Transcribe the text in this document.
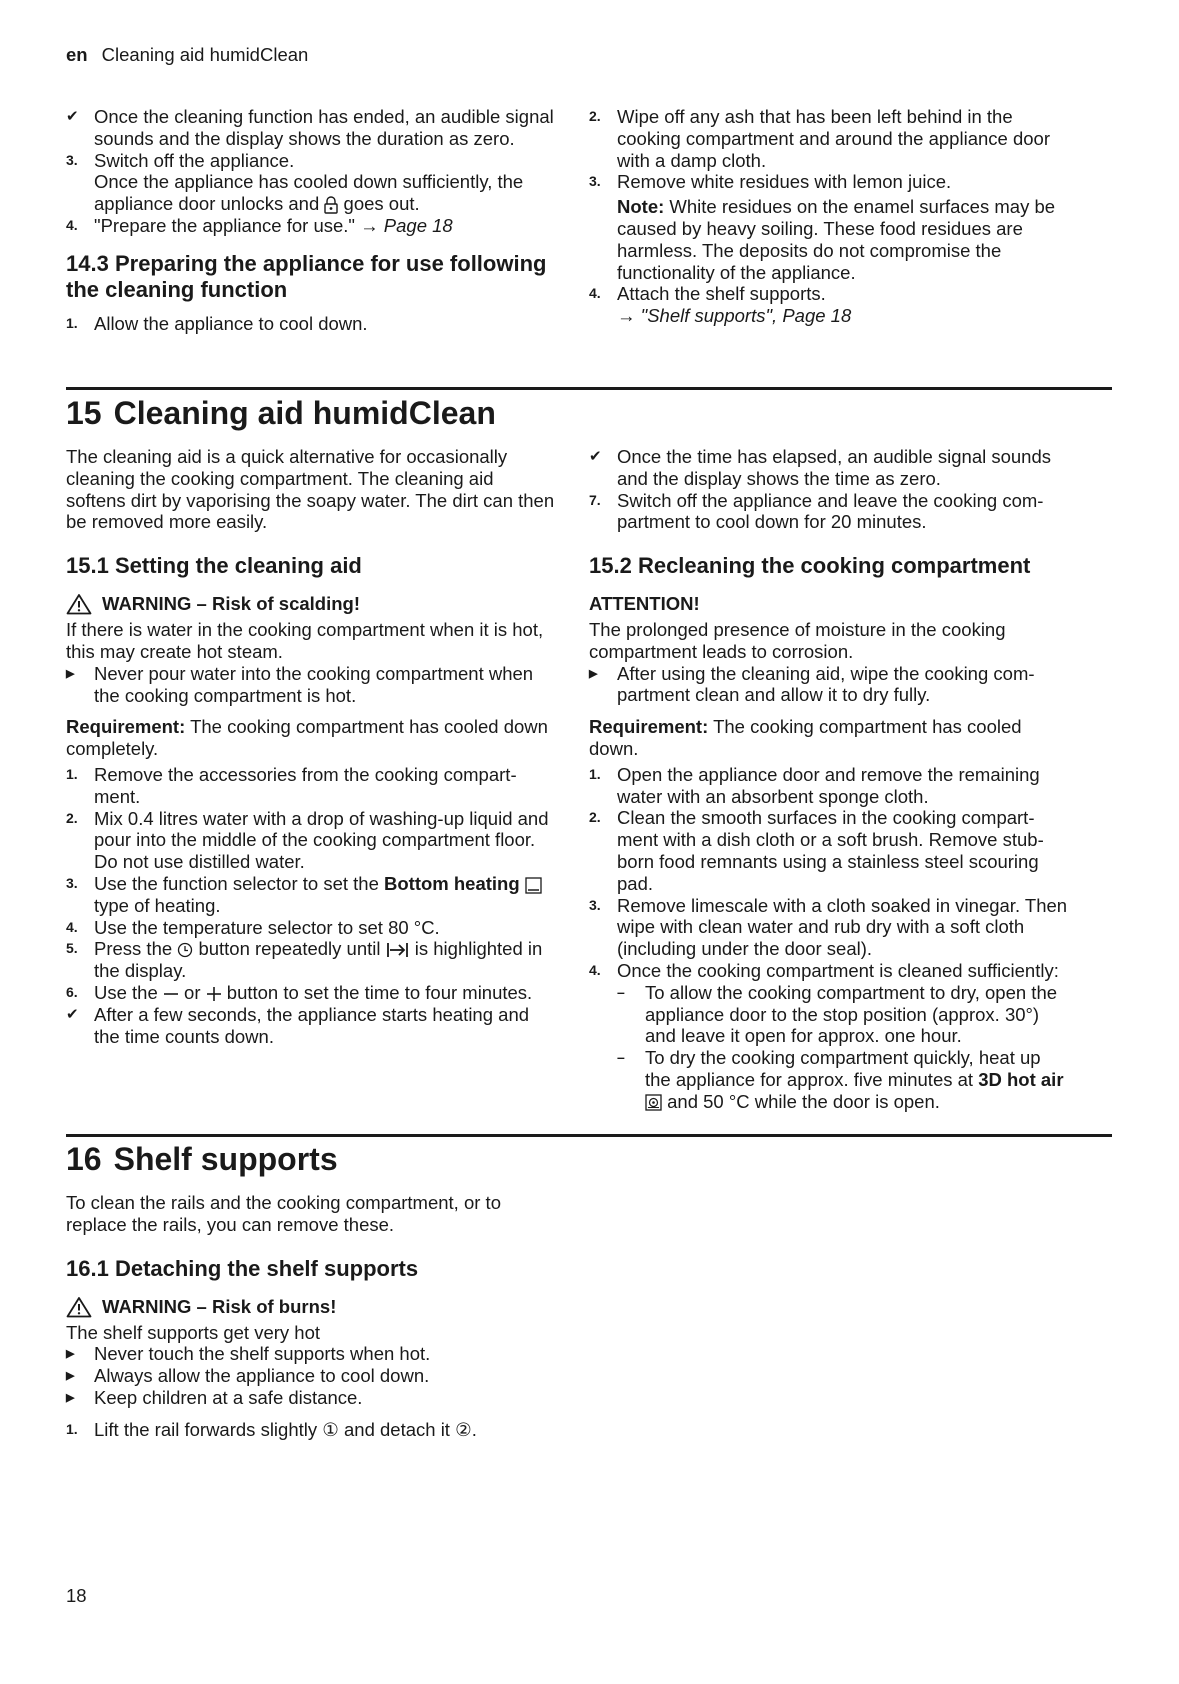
en Cleaning aid humidClean
✔ Once the cleaning function has ended, an audible signal sounds and the display shows the duration as zero.
3. Switch off the appliance.
Once the appliance has cooled down sufficiently, the appliance door unlocks and goes out.
4. "Prepare the appliance for use." → Page 18
14.3 Preparing the appliance for use following the cleaning function
1. Allow the appliance to cool down.
2. Wipe off any ash that has been left behind in the cooking compartment and around the appliance door with a damp cloth.
3. Remove white residues with lemon juice.
Note: White residues on the enamel surfaces may be caused by heavy soiling. These food residues are harmless. The deposits do not compromise the functionality of the appliance.
4. Attach the shelf supports.
→ "Shelf supports", Page 18
15 Cleaning aid humidClean
The cleaning aid is a quick alternative for occasionally cleaning the cooking compartment. The cleaning aid softens dirt by vaporising the soapy water. The dirt can then be removed more easily.
15.1 Setting the cleaning aid
WARNING – Risk of scalding!
If there is water in the cooking compartment when it is hot, this may create hot steam.
▶ Never pour water into the cooking compartment when the cooking compartment is hot.
Requirement: The cooking compartment has cooled down completely.
1. Remove the accessories from the cooking compartment.
2. Mix 0.4 litres water with a drop of washing-up liquid and pour into the middle of the cooking compartment floor.
Do not use distilled water.
3. Use the function selector to set the Bottom heating  type of heating.
4. Use the temperature selector to set 80 °C.
5. Press the button repeatedly until is highlighted in the display.
6. Use the or button to set the time to four minutes.
✔ After a few seconds, the appliance starts heating and the time counts down.
✔ Once the time has elapsed, an audible signal sounds and the display shows the time as zero.
7. Switch off the appliance and leave the cooking compartment to cool down for 20 minutes.
15.2 Recleaning the cooking compartment
ATTENTION!
The prolonged presence of moisture in the cooking compartment leads to corrosion.
▶ After using the cleaning aid, wipe the cooking compartment clean and allow it to dry fully.
Requirement: The cooking compartment has cooled down.
1. Open the appliance door and remove the remaining water with an absorbent sponge cloth.
2. Clean the smooth surfaces in the cooking compartment with a dish cloth or a soft brush. Remove stubborn food remnants using a stainless steel scouring pad.
3. Remove limescale with a cloth soaked in vinegar. Then wipe with clean water and rub dry with a soft cloth (including under the door seal).
4. Once the cooking compartment is cleaned sufficiently:
– To allow the cooking compartment to dry, open the appliance door to the stop position (approx. 30°) and leave it open for approx. one hour.
– To dry the cooking compartment quickly, heat up the appliance for approx. five minutes at 3D hot air  and 50 °C while the door is open.
16 Shelf supports
To clean the rails and the cooking compartment, or to replace the rails, you can remove these.
16.1 Detaching the shelf supports
WARNING – Risk of burns!
The shelf supports get very hot
▶ Never touch the shelf supports when hot.
▶ Always allow the appliance to cool down.
▶ Keep children at a safe distance.
1. Lift the rail forwards slightly ① and detach it ②.
18
